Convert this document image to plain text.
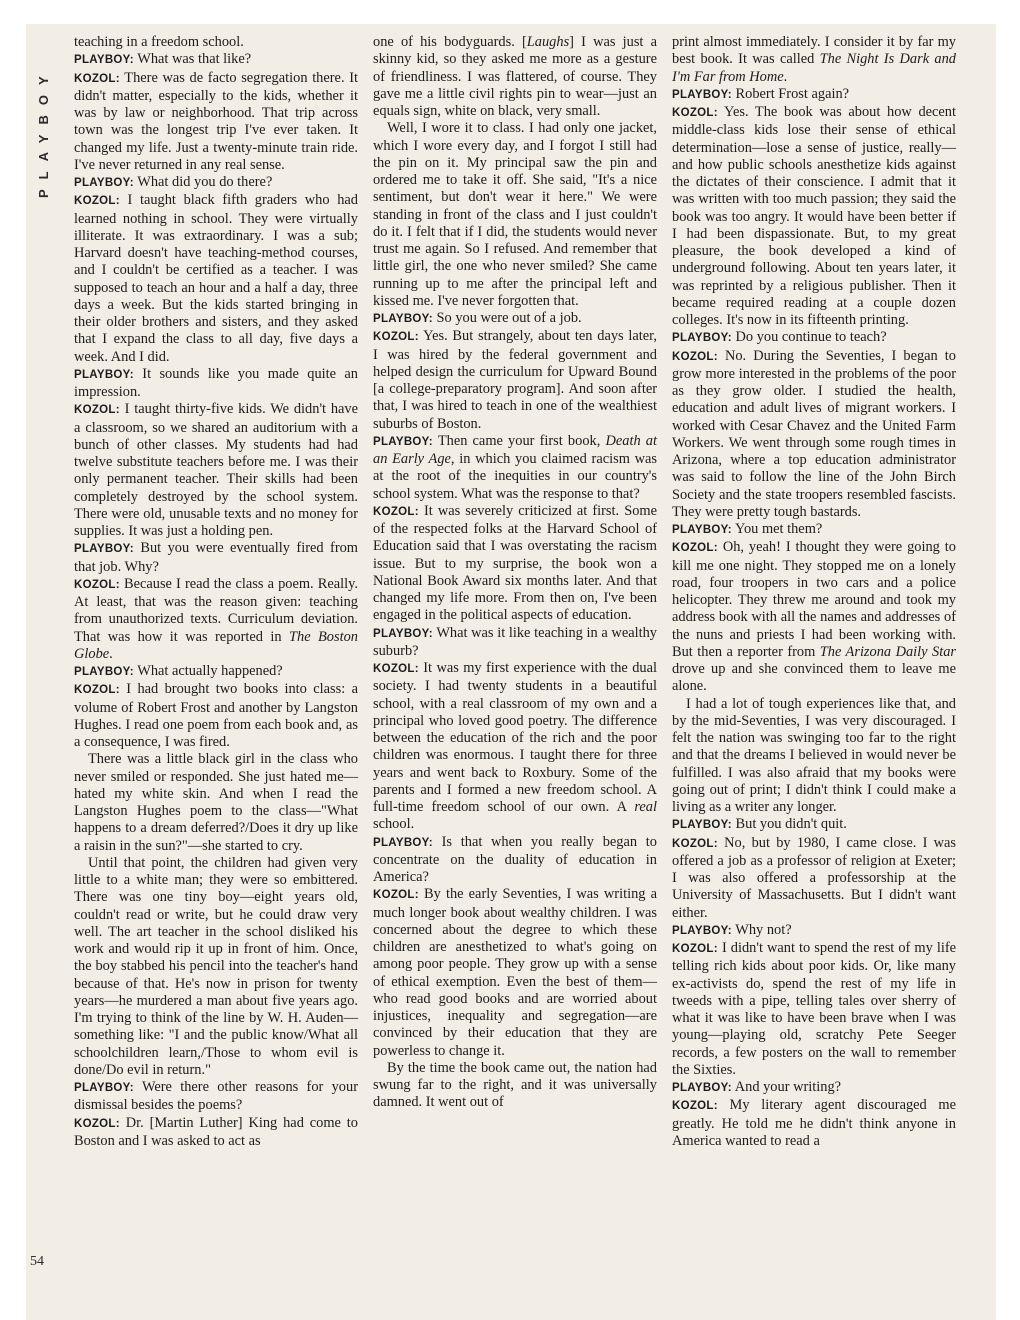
PLAYBOY

teaching in a freedom school.

PLAYBOY: What was that like?

KOZOL: There was de facto segregation there. It didn't matter, especially to the kids, whether it was by law or neighborhood. That trip across town was the longest trip I've ever taken. It changed my life. Just a twenty-minute train ride. I've never returned in any real sense.

PLAYBOY: What did you do there?

KOZOL: I taught black fifth graders who had learned nothing in school. They were virtually illiterate. It was extraordinary. I was a sub; Harvard doesn't have teaching-method courses, and I couldn't be certified as a teacher. I was supposed to teach an hour and a half a day, three days a week. But the kids started bringing in their older brothers and sisters, and they asked that I expand the class to all day, five days a week. And I did.

PLAYBOY: It sounds like you made quite an impression.

KOZOL: I taught thirty-five kids. We didn't have a classroom, so we shared an auditorium with a bunch of other classes. My students had had twelve substitute teachers before me. I was their only permanent teacher. Their skills had been completely destroyed by the school system. There were old, unusable texts and no money for supplies. It was just a holding pen.

PLAYBOY: But you were eventually fired from that job. Why?

KOZOL: Because I read the class a poem. Really. At least, that was the reason given: teaching from unauthorized texts. Curriculum deviation. That was how it was reported in The Boston Globe.

PLAYBOY: What actually happened?

KOZOL: I had brought two books into class: a volume of Robert Frost and another by Langston Hughes. I read one poem from each book and, as a consequence, I was fired.

There was a little black girl in the class who never smiled or responded. She just hated me—hated my white skin. And when I read the Langston Hughes poem to the class—"What happens to a dream deferred?/Does it dry up like a raisin in the sun?"—she started to cry.

Until that point, the children had given very little to a white man; they were so embittered. There was one tiny boy—eight years old, couldn't read or write, but he could draw very well. The art teacher in the school disliked his work and would rip it up in front of him. Once, the boy stabbed his pencil into the teacher's hand because of that. He's now in prison for twenty years—he murdered a man about five years ago. I'm trying to think of the line by W. H. Auden—something like: "I and the public know/What all schoolchildren learn,/Those to whom evil is done/Do evil in return."

PLAYBOY: Were there other reasons for your dismissal besides the poems?

KOZOL: Dr. [Martin Luther] King had come to Boston and I was asked to act as

one of his bodyguards. [Laughs] I was just a skinny kid, so they asked me more as a gesture of friendliness. I was flattered, of course. They gave me a little civil rights pin to wear—just an equals sign, white on black, very small.

Well, I wore it to class. I had only one jacket, which I wore every day, and I forgot I still had the pin on it. My principal saw the pin and ordered me to take it off. She said, "It's a nice sentiment, but don't wear it here." We were standing in front of the class and I just couldn't do it. I felt that if I did, the students would never trust me again. So I refused. And remember that little girl, the one who never smiled? She came running up to me after the principal left and kissed me. I've never forgotten that.

PLAYBOY: So you were out of a job.

KOZOL: Yes. But strangely, about ten days later, I was hired by the federal government and helped design the curriculum for Upward Bound [a college-preparatory program]. And soon after that, I was hired to teach in one of the wealthiest suburbs of Boston.

PLAYBOY: Then came your first book, Death at an Early Age, in which you claimed racism was at the root of the inequities in our country's school system. What was the response to that?

KOZOL: It was severely criticized at first. Some of the respected folks at the Harvard School of Education said that I was overstating the racism issue. But to my surprise, the book won a National Book Award six months later. And that changed my life more. From then on, I've been engaged in the political aspects of education.

PLAYBOY: What was it like teaching in a wealthy suburb?

KOZOL: It was my first experience with the dual society. I had twenty students in a beautiful school, with a real classroom of my own and a principal who loved good poetry. The difference between the education of the rich and the poor children was enormous. I taught there for three years and went back to Roxbury. Some of the parents and I formed a new freedom school. A full-time freedom school of our own. A real school.

PLAYBOY: Is that when you really began to concentrate on the duality of education in America?

KOZOL: By the early Seventies, I was writing a much longer book about wealthy children. I was concerned about the degree to which these children are anesthetized to what's going on among poor people. They grow up with a sense of ethical exemption. Even the best of them—who read good books and are worried about injustices, inequality and segregation—are convinced by their education that they are powerless to change it.

By the time the book came out, the nation had swung far to the right, and it was universally damned. It went out of

print almost immediately. I consider it by far my best book. It was called The Night Is Dark and I'm Far from Home.

PLAYBOY: Robert Frost again?

KOZOL: Yes. The book was about how decent middle-class kids lose their sense of ethical determination—lose a sense of justice, really—and how public schools anesthetize kids against the dictates of their conscience. I admit that it was written with too much passion; they said the book was too angry. It would have been better if I had been dispassionate. But, to my great pleasure, the book developed a kind of underground following. About ten years later, it was reprinted by a religious publisher. Then it became required reading at a couple dozen colleges. It's now in its fifteenth printing.

PLAYBOY: Do you continue to teach?

KOZOL: No. During the Seventies, I began to grow more interested in the problems of the poor as they grow older. I studied the health, education and adult lives of migrant workers. I worked with Cesar Chavez and the United Farm Workers. We went through some rough times in Arizona, where a top education administrator was said to follow the line of the John Birch Society and the state troopers resembled fascists. They were pretty tough bastards.

PLAYBOY: You met them?

KOZOL: Oh, yeah! I thought they were going to kill me one night. They stopped me on a lonely road, four troopers in two cars and a police helicopter. They threw me around and took my address book with all the names and addresses of the nuns and priests I had been working with. But then a reporter from The Arizona Daily Star drove up and she convinced them to leave me alone.

I had a lot of tough experiences like that, and by the mid-Seventies, I was very discouraged. I felt the nation was swinging too far to the right and that the dreams I believed in would never be fulfilled. I was also afraid that my books were going out of print; I didn't think I could make a living as a writer any longer.

PLAYBOY: But you didn't quit.

KOZOL: No, but by 1980, I came close. I was offered a job as a professor of religion at Exeter; I was also offered a professorship at the University of Massachusetts. But I didn't want either.

PLAYBOY: Why not?

KOZOL: I didn't want to spend the rest of my life telling rich kids about poor kids. Or, like many ex-activists do, spend the rest of my life in tweeds with a pipe, telling tales over sherry of what it was like to have been brave when I was young—playing old, scratchy Pete Seeger records, a few posters on the wall to remember the Sixties.

PLAYBOY: And your writing?

KOZOL: My literary agent discouraged me greatly. He told me he didn't think anyone in America wanted to read a

54
